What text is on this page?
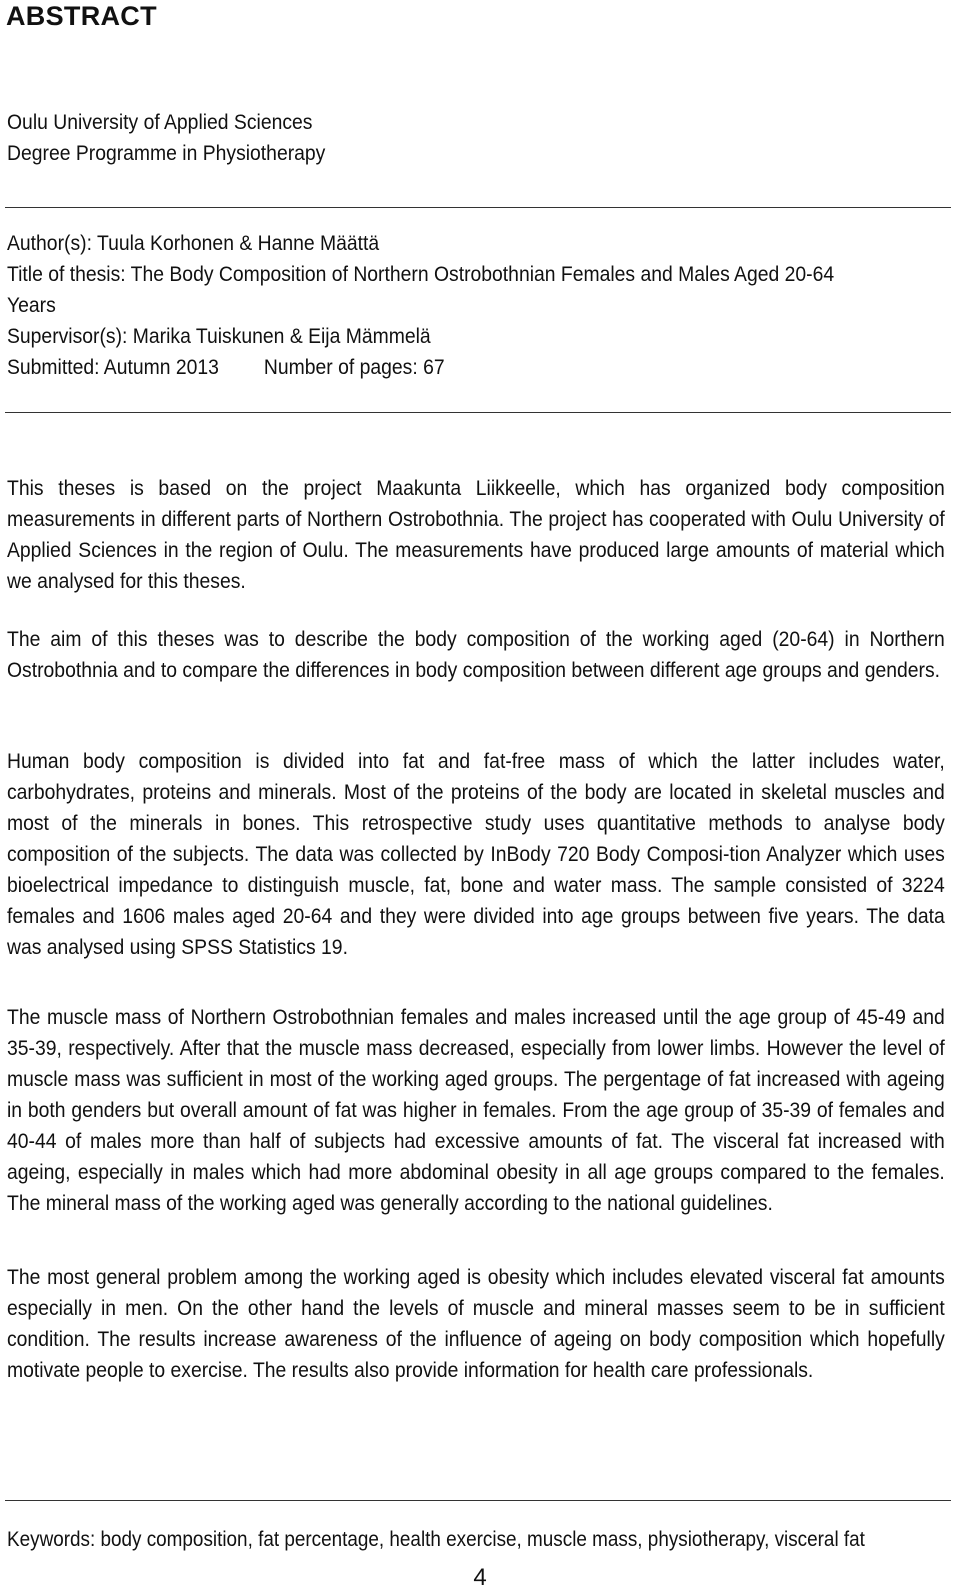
ABSTRACT
Oulu University of Applied Sciences
Degree Programme in Physiotherapy
Author(s): Tuula Korhonen & Hanne Määttä
Title of thesis: The Body Composition of Northern Ostrobothnian Females and Males Aged 20-64
Years
Supervisor(s): Marika Tuiskunen & Eija Mämmelä
Submitted: Autumn 2013 Number of pages: 67

This theses is based on the project Maakunta Liikkeelle, which has organized body composition measurements in different parts of Northern Ostrobothnia. The project has cooperated with Oulu University of Applied Sciences in the region of Oulu. The measurements have produced large amounts of material which we analysed for this theses.

The aim of this theses was to describe the body composition of the working aged (20-64) in Northern Ostrobothnia and to compare the differences in body composition between different age groups and genders.

Human body composition is divided into fat and fat-free mass of which the latter includes water, carbohydrates, proteins and minerals. Most of the proteins of the body are located in skeletal muscles and most of the minerals in bones. This retrospective study uses quantitative methods to analyse body composition of the subjects. The data was collected by InBody 720 Body Composi-tion Analyzer which uses bioelectrical impedance to distinguish muscle, fat, bone and water mass. The sample consisted of 3224 females and 1606 males aged 20-64 and they were divided into age groups between five years. The data was analysed using SPSS Statistics 19.

The muscle mass of Northern Ostrobothnian females and males increased until the age group of 45-49 and 35-39, respectively. After that the muscle mass decreased, especially from lower limbs. However the level of muscle mass was sufficient in most of the working aged groups. The pergentage of fat increased with ageing in both genders but overall amount of fat was higher in females. From the age group of 35-39 of females and 40-44 of males more than half of subjects had excessive amounts of fat. The visceral fat increased with ageing, especially in males which had more abdominal obesity in all age groups compared to the females. The mineral mass of the working aged was generally according to the national guidelines.

The most general problem among the working aged is obesity which includes elevated visceral fat amounts especially in men. On the other hand the levels of muscle and mineral masses seem to be in sufficient condition. The results increase awareness of the influence of ageing on body composition which hopefully motivate people to exercise. The results also provide information for health care professionals.

Keywords: body composition, fat percentage, health exercise, muscle mass, physiotherapy, visceral fat
4
